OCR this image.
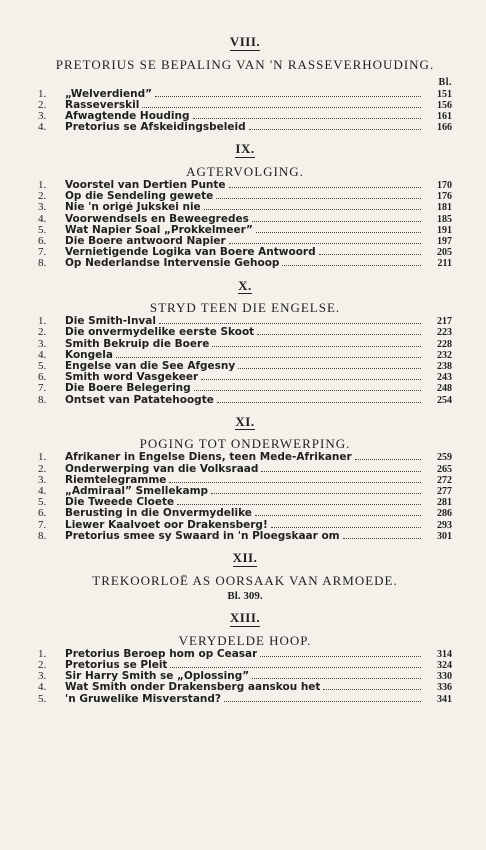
VIII.
PRETORIUS SE BEPALING VAN 'N RASSEVERHOUDING.
Bl.
1.	„Welverdiend”	151
2.	Rasseverskil	156
3.	Afwagtende Houding	161
4.	Pretorius se Afskeidingsbeleid	166
IX.
AGTERVOLGING.
1.	Voorstel van Dertien Punte	170
2.	Op die Sendeling gewete	176
3.	Nie 'n origé Jukskei nie	181
4.	Voorwendsels en Beweegredes	185
5.	Wat Napier Soal „Prokkelmeer”	191
6.	Die Boere antwoord Napier	197
7.	Vernietigende Logika van Boere Antwoord	205
8.	Op Nederlandse Intervensie Gehoop	211
X.
STRYD TEEN DIE ENGELSE.
1.	Die Smith-Inval	217
2.	Die onvermydelike eerste Skoot	223
3.	Smith Bekruip die Boere	228
4.	Kongela	232
5.	Engelse van die See Afgesny	238
6.	Smith word Vasgekeer	243
7.	Die Boere Belegering	248
8.	Ontset van Patatehoogte	254
XI.
POGING TOT ONDERWERPING.
1.	Afrikaner in Engelse Diens, teen Mede-Afrikaner	259
2.	Onderwerping van die Volksraad	265
3.	Riemtelegramme	272
4.	„Admiraal” Smellekamp	277
5.	Die Tweede Cloete	281
6.	Berusting in die Onvermydelike	286
7.	Liewer Kaalvoet oor Drakensberg!	293
8.	Pretorius smee sy Swaard in 'n Ploegskaar om	301
XII.
TREKOORLOË AS OORSAAK VAN ARMOEDE.
Bl. 309.
XIII.
VERYDELDE HOOP.
1.	Pretorius Beroep hom op Ceasar	314
2.	Pretorius se Pleit	324
3.	Sir Harry Smith se „Oplossing”	330
4.	Wat Smith onder Drakensberg aanskou het	336
5.	'n Gruwelike Misverstand?	341
